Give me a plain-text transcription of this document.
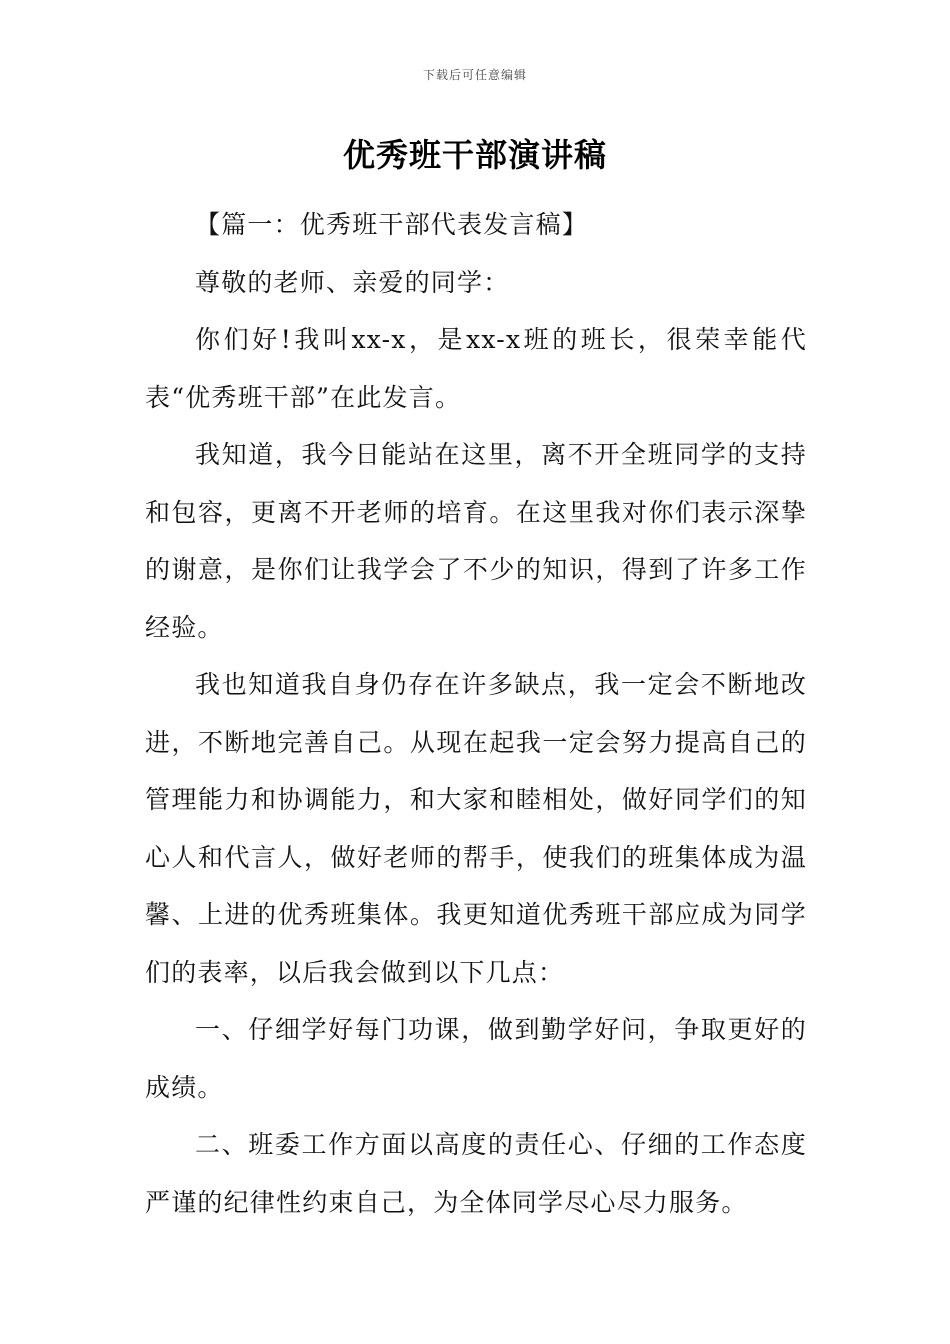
下载后可任意编辑
优秀班干部演讲稿

【篇一：优秀班干部代表发言稿】

尊敬的老师、亲爱的同学：

你们好!我叫xx-x，是xx-x班的班长，很荣幸能代表“优秀班干部”在此发言。

我知道，我今日能站在这里，离不开全班同学的支持和包容，更离不开老师的培育。在这里我对你们表示深挚的谢意，是你们让我学会了不少的知识，得到了许多工作经验。

我也知道我自身仍存在许多缺点，我一定会不断地改进，不断地完善自己。从现在起我一定会努力提高自己的管理能力和协调能力，和大家和睦相处，做好同学们的知心人和代言人，做好老师的帮手，使我们的班集体成为温馨、上进的优秀班集体。我更知道优秀班干部应成为同学们的表率，以后我会做到以下几点：

一、仔细学好每门功课，做到勤学好问，争取更好的成绩。

二、班委工作方面以高度的责任心、仔细的工作态度严谨的纪律性约束自己，为全体同学尽心尽力服务。
